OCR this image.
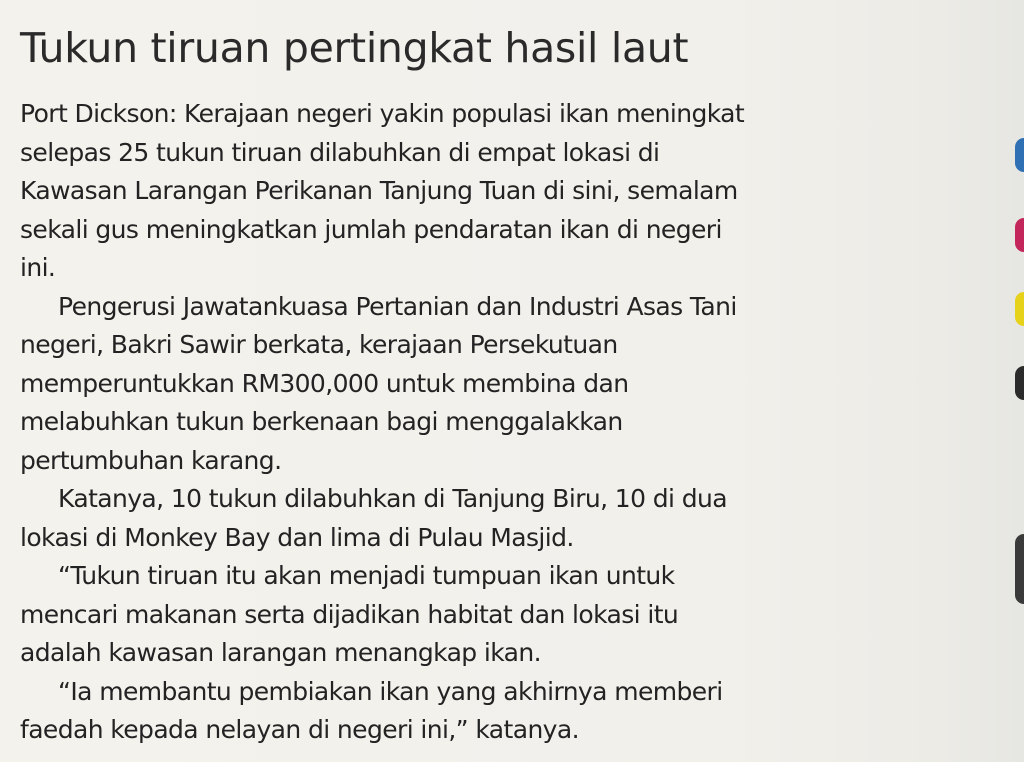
Tukun tiruan pertingkat hasil laut
Port Dickson: Kerajaan negeri yakin populasi ikan meningkat
selepas 25 tukun tiruan dilabuhkan di empat lokasi di
Kawasan Larangan Perikanan Tanjung Tuan di sini, semalam
sekali gus meningkatkan jumlah pendaratan ikan di negeri
ini.
Pengerusi Jawatankuasa Pertanian dan Industri Asas Tani
negeri, Bakri Sawir berkata, kerajaan Persekutuan
memperuntukkan RM300,000 untuk membina dan
melabuhkan tukun berkenaan bagi menggalakkan
pertumbuhan karang.
Katanya, 10 tukun dilabuhkan di Tanjung Biru, 10 di dua
lokasi di Monkey Bay dan lima di Pulau Masjid.
“Tukun tiruan itu akan menjadi tumpuan ikan untuk
mencari makanan serta dijadikan habitat dan lokasi itu
adalah kawasan larangan menangkap ikan.
“Ia membantu pembiakan ikan yang akhirnya memberi
faedah kepada nelayan di negeri ini,” katanya.
